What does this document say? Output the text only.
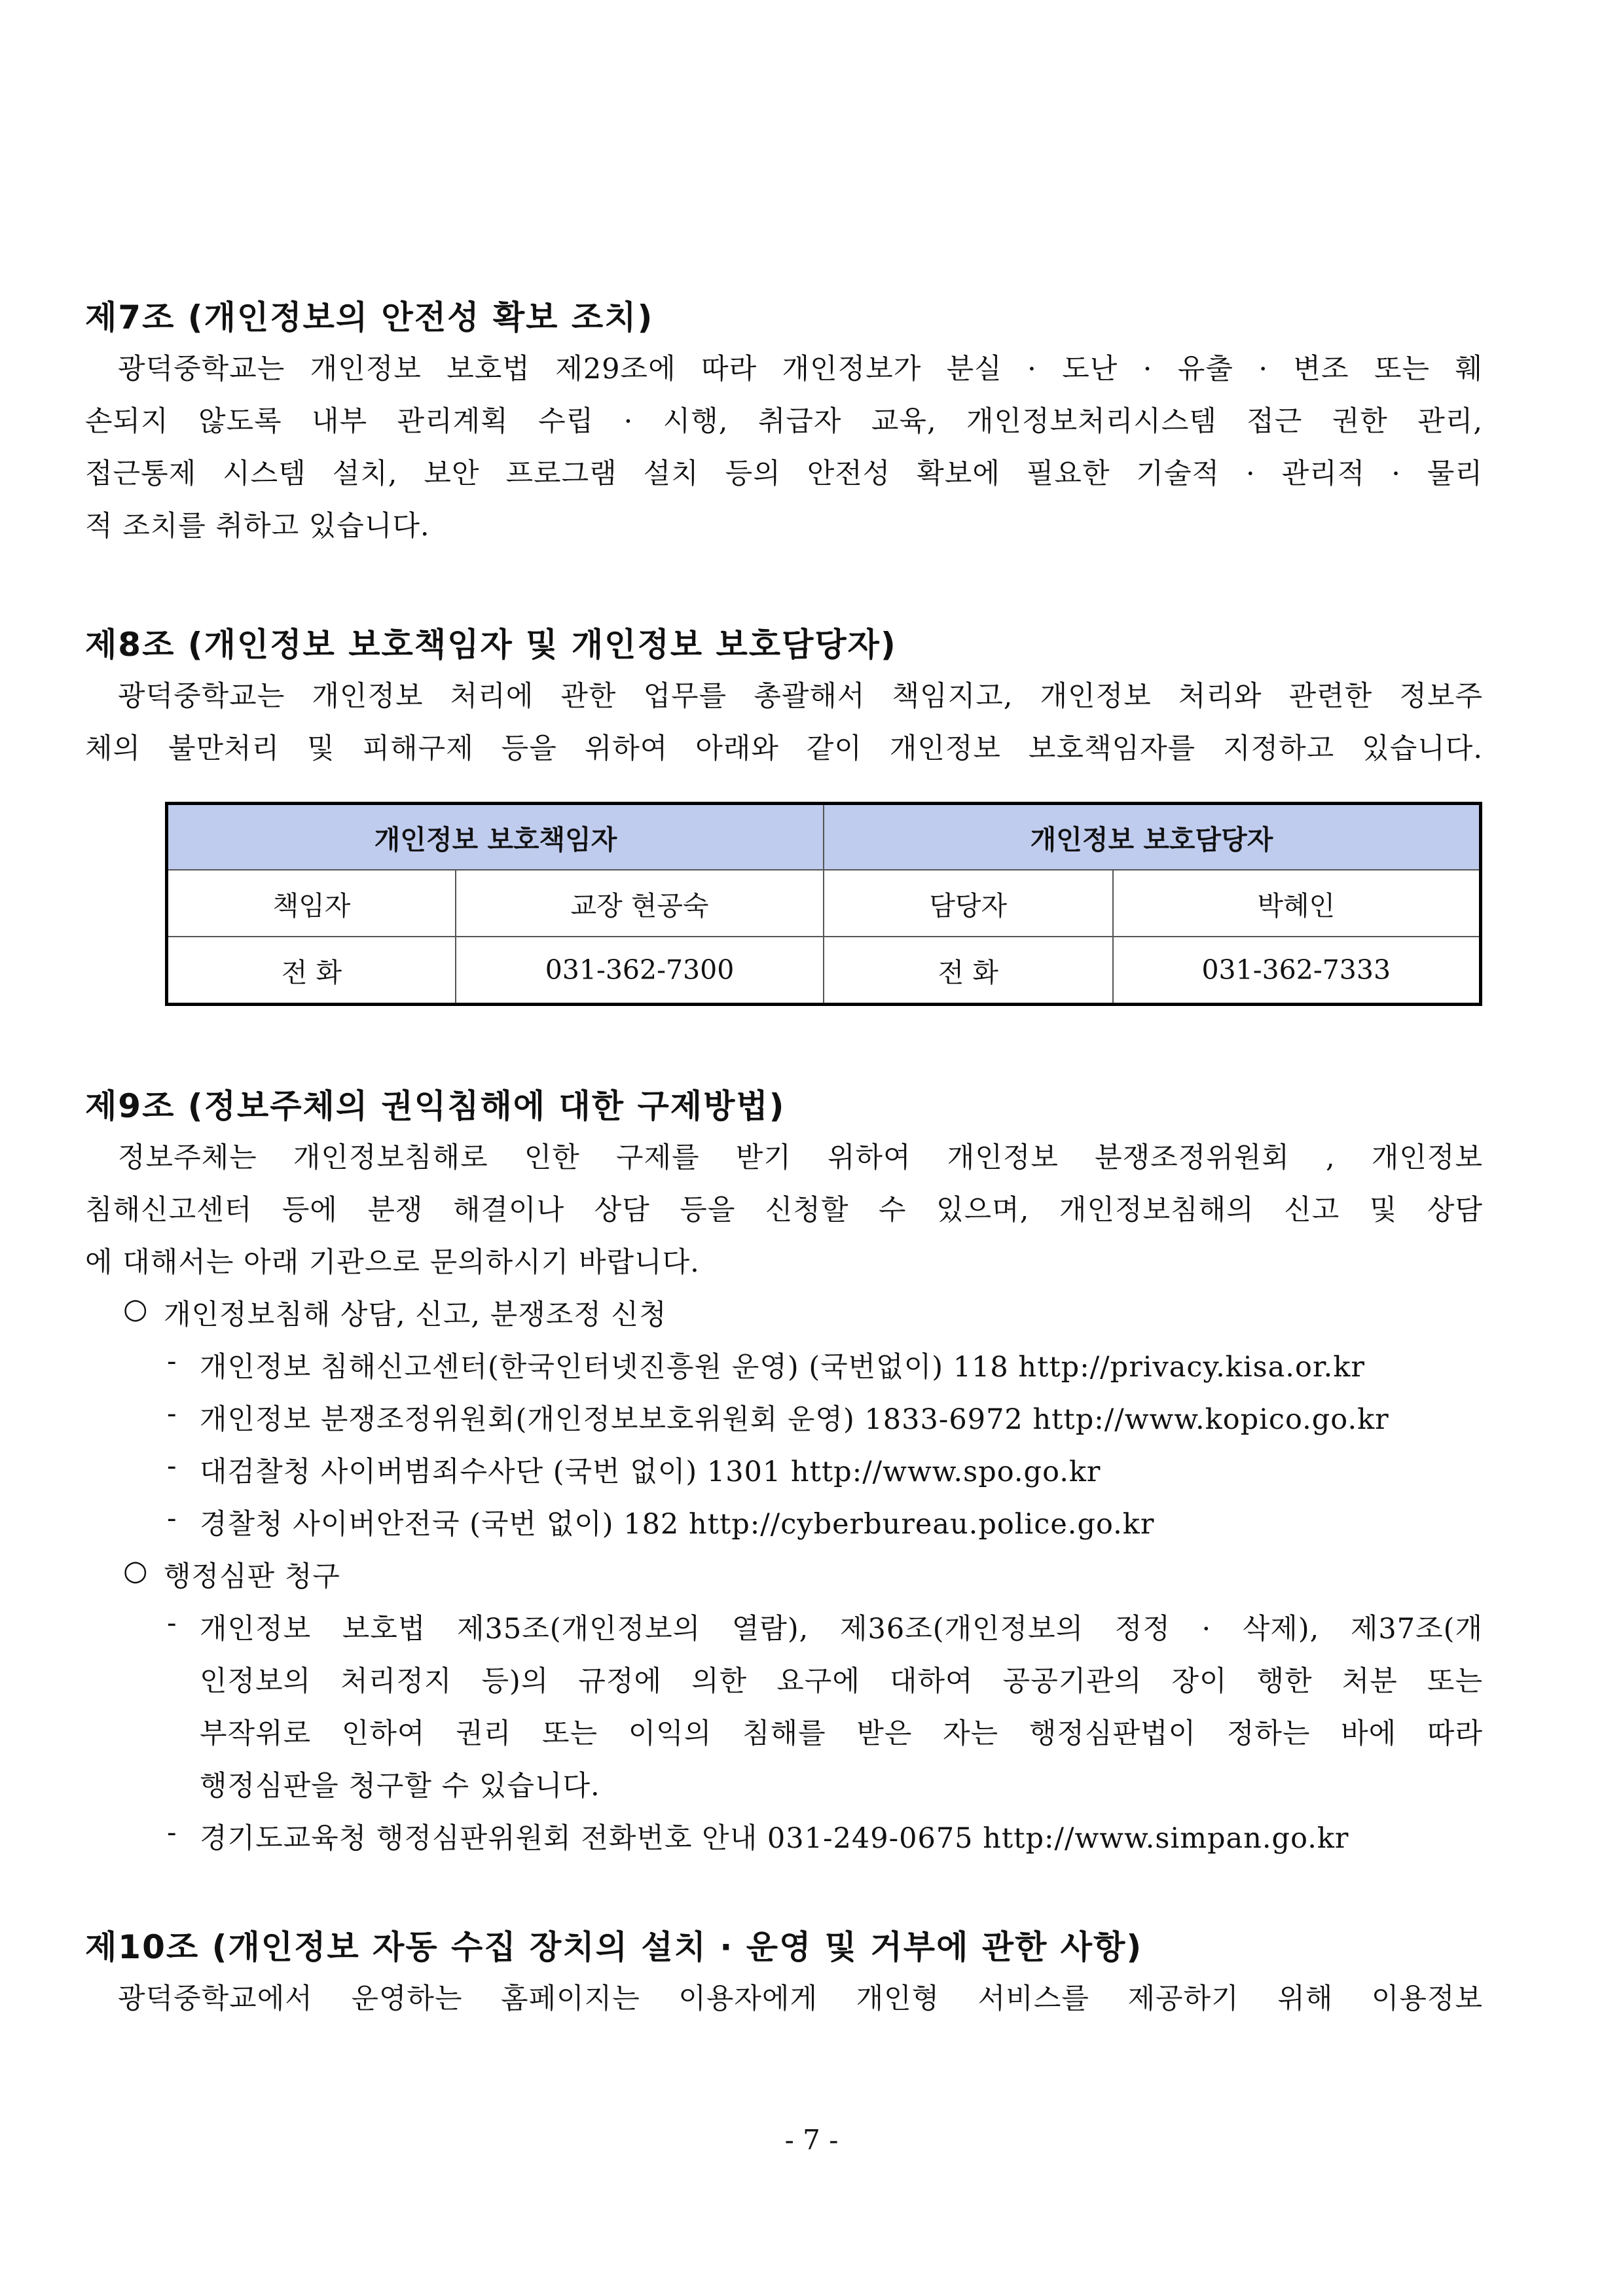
제7조 (개인정보의 안전성 확보 조치)
광덕중학교는 개인정보 보호법 제29조에 따라 개인정보가 분실 · 도난 · 유출 · 변조 또는 훼
손되지 않도록 내부 관리계획 수립 · 시행, 취급자 교육, 개인정보처리시스템 접근 권한 관리,
접근통제 시스템 설치, 보안 프로그램 설치 등의 안전성 확보에 필요한 기술적 · 관리적 · 물리
적 조치를 취하고 있습니다.
제8조 (개인정보 보호책임자 및 개인정보 보호담당자)
광덕중학교는 개인정보 처리에 관한 업무를 총괄해서 책임지고, 개인정보 처리와 관련한 정보주
체의 불만처리 및 피해구제 등을 위하여 아래와 같이 개인정보 보호책임자를 지정하고 있습니다.
개인정보 보호책임자		개인정보 보호담당자	
책임자	교장 현공숙	담당자	박혜인
전 화	031-362-7300	전 화	031-362-7333
제9조 (정보주체의 권익침해에 대한 구제방법)
정보주체는 개인정보침해로 인한 구제를 받기 위하여 개인정보 분쟁조정위원회 , 개인정보
침해신고센터 등에 분쟁 해결이나 상담 등을 신청할 수 있으며, 개인정보침해의 신고 및 상담
에 대해서는 아래 기관으로 문의하시기 바랍니다.
○ 개인정보침해 상담, 신고, 분쟁조정 신청
- 개인정보 침해신고센터(한국인터넷진흥원 운영) (국번없이) 118 http://privacy.kisa.or.kr
- 개인정보 분쟁조정위원회(개인정보보호위원회 운영) 1833-6972 http://www.kopico.go.kr
- 대검찰청 사이버범죄수사단 (국번 없이) 1301 http://www.spo.go.kr
- 경찰청 사이버안전국 (국번 없이) 182 http://cyberbureau.police.go.kr
○ 행정심판 청구
- 개인정보 보호법 제35조(개인정보의 열람), 제36조(개인정보의 정정 · 삭제), 제37조(개
인정보의 처리정지 등)의 규정에 의한 요구에 대하여 공공기관의 장이 행한 처분 또는
부작위로 인하여 권리 또는 이익의 침해를 받은 자는 행정심판법이 정하는 바에 따라
행정심판을 청구할 수 있습니다.
- 경기도교육청 행정심판위원회 전화번호 안내 031-249-0675 http://www.simpan.go.kr
제10조 (개인정보 자동 수집 장치의 설치 · 운영 및 거부에 관한 사항)
광덕중학교에서 운영하는 홈페이지는 이용자에게 개인형 서비스를 제공하기 위해 이용정보
- 7 -
